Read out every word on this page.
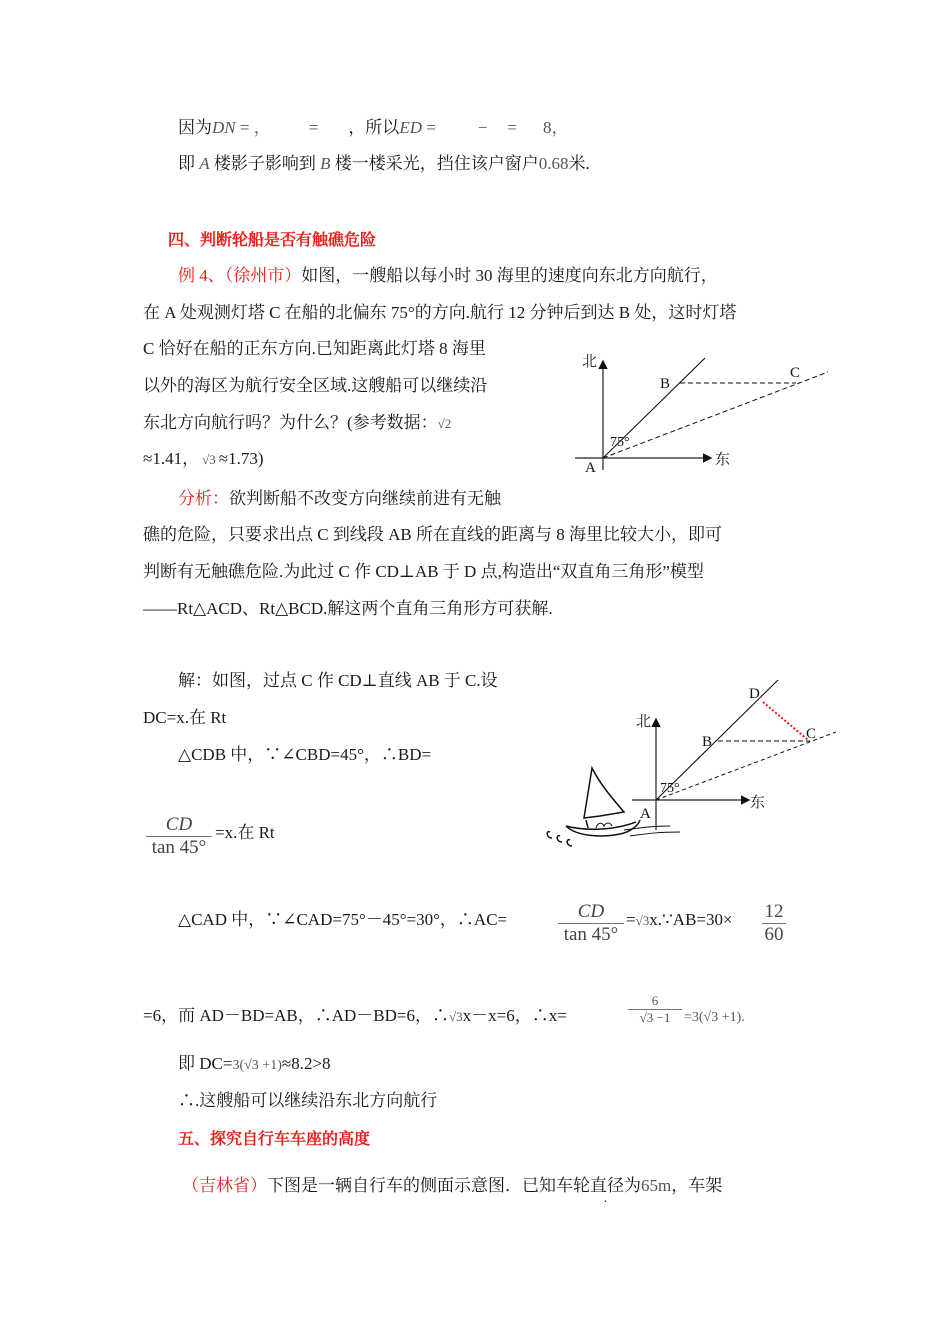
因为DN = ， = ，所以ED = − = 8，
即 A 楼影子影响到 B 楼一楼采光，挡住该户窗户0.68米.
四、判断轮船是否有触礁危险
例 4、（徐州市）如图，一艘船以每小时 30 海里的速度向东北方向航行，
在 A 处观测灯塔 C 在船的北偏东 75°的方向.航行 12 分钟后到达 B 处，这时灯塔
C 恰好在船的正东方向.已知距离此灯塔 8 海里
以外的海区为航行安全区域.这艘船可以继续沿
东北方向航行吗？为什么？(参考数据：√2
≈1.41， √3 ≈1.73)
北
东
A
B
C
75°
分析：欲判断船不改变方向继续前进有无触
礁的危险，只要求出点 C 到线段 AB 所在直线的距离与 8 海里比较大小，即可
判断有无触礁危险.为此过 C 作 CD⊥AB 于 D 点,构造出“双直角三角形”模型
——Rt△ACD、Rt△BCD.解这两个直角三角形方可获解.
解：如图，过点 C 作 CD⊥直线 AB 于 C.设
DC=x.在 Rt
△CDB 中，∵∠CBD=45°，∴BD=
CD
tan 45°
=x.在 Rt
北
东
A
B	C
D
75°
△CAD 中，∵∠CAD=75°－45°=30°，∴AC=	CD
tan 45°
=√3x.∵AB=30× 12
60
=6，而 AD－BD=AB，∴AD－BD=6，∴√3x－x=6，∴x=
6
√3 −1 =3(√3 +1).
即 DC=3(√3 +1)≈8.2>8
∴.这艘船可以继续沿东北方向航行
五、探究自行车车座的高度
（吉林省）下图是一辆自行车的侧面示意图．已知车轮直径为65m，车架
